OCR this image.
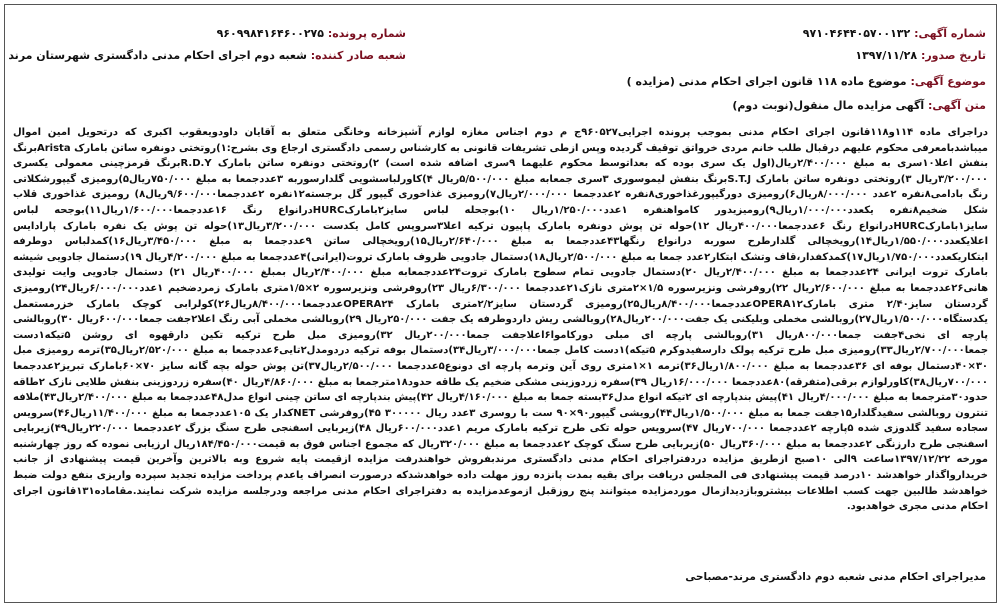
شماره آگهی: ۹۷۱۰۴۶۴۴۰۵۷۰۰۱۳۲
شماره پرونده: ۹۶۰۹۹۸۴۱۶۴۶۰۰۲۷۵
تاریخ صدور: ۱۳۹۷/۱۱/۲۸
شعبه صادر کننده: شعبه دوم اجرای احکام مدنی دادگستری شهرستان مرند
موضوع آگهی: موضوع ماده ۱۱۸ قانون اجرای احکام مدنی (مزایده )
متن آگهی: آگهی مزایده مال منقول(نوبت دوم)
دراجرای ماده ۱۱۴و۱۱۸قانون اجرای احکام مدنی بموجب پرونده اجرایی۹۶۰۵۲۷ج م دوم اجناس مغازه لوازم آشپزخانه وخانگی متعلق به آقایان داودویعقوب اکبری که درتحویل امین اموال میباشدبامعرفی محکوم علیهم درقبال طلب خانم مردی خرواتق توقیف گردیده وپس ازطی تشریفات قانونی به کارشناس رسمی دادگستری ارجاع وی بشرح:۱)روتختی دونفره ساتن بامارک Aristaبرنگ بنفش اعلا۱۰سری به مبلغ ۲/۴۰۰/۰۰۰ریال(اول یک سری بوده که بعداتوسط محکوم علیهما ۹سری اضافه شده است) ۲)روتختی دونفره ساتن بامارک R.D.Yبرنگ قرمزچینی معمولی یکسری ۳/۲۰۰/۰۰۰ریال ۳)روتختی دونفره ساتن بامارک S.T.Jبرنگ بنفش لیموسوری ۳سری جمعابه مبلغ ۵/۵۰۰/۰۰۰ریال ۴)کاورلباسشویی گلدارسوربه ۳عددجمعا به مبلغ ۷۵۰/۰۰۰ریال۵)رومیزی گیپورشکلاتی رنگ بادامی۸نفره ۲عدد ۸/۰۰۰/۰۰۰ریال۶)رومیزی دورگیپورغذاخوری۸نفره ۲عددجمعا ۲/۰۰۰/۰۰۰ریال۷)رومیزی غذاخوری گیپور گل برجسته۱۲نفره ۲عددجمعا۹/۶۰۰/۰۰۰ریال۸) رومیزی غذاخوری قلاب شکل ضخیم۸نفره یکعدد۱/۰۰۰/۰۰۰ریال۹)رومیزیدور کامواهنفره ۱عدد۱/۲۵۰/۰۰۰ریال ۱۰)بوجحله لباس سایز۲بامارکHURCدرانواع رنگ ۱۶عددجمعا۱/۶۰۰/۰۰۰ریال۱۱)بوجحه لباس سایز۱بامارکHURCدرانواع رنگ ۶عددجمعا۴۰۰/۰۰۰ریال ۱۲)حوله تن پوش دونفره بامارک پاپیون ترکیه اعلا۳سروپس کامل یکدست ۳/۲۰۰/۰۰۰ریال۱۳)حوله تن پوش یک نفره بامارک پارادایس اعلایکعدد۱/۵۵۰/۰۰۰ریال۱۴)رویخچالی گلدارطرح سوربه درانواع رنگها۴۳عددجمعا به مبلغ ۲/۶۴۰/۰۰۰ریال۱۵)رویخچالی ساتن ۹عددجمعا به مبلغ ۳/۴۵۰/۰۰۰ریال۱۶)کمدلباس دوطرفه ابتکاریکعدد۱/۷۵۰/۰۰۰ریال۱۷)کمدکفدار،قاف وتشک ابتکار۲عدد جمعا به مبلغ ۲/۵۰۰/۰۰۰ریال۱۸)دستمال جادویی ظروف بامارک تروت(ایرانی)۴عددجمعا به مبلغ ۴/۲۰۰/۰۰۰ریال ۱۹)دستمال جادویی شیشه بامارک تروت ایرانی ۲۴عددجمعا به مبلغ ۲/۴۰۰/۰۰۰ریال ۲۰)دستمال جادویی تمام سطوح بامارک تروت۲۴عددجمعابه مبلغ ۲/۴۰۰/۰۰۰ریال بمبلغ ۴۰۰/۰۰۰ریال ۲۱) دستمال جادویی وایت تولیدی هانی۲۶عددجمعا به مبلغ ۲/۶۰۰/۰۰۰ریال ۲۲)روفرشی ونزیرسوره ۱/۵×۲متری نازک۲۱عددجمعا ۶/۳۰۰/۰۰۰ریال ۲۳)روفرشی ونزیرسوره ۲×۱/۵متری بامارک زمردضخیم ۱عدد۶/۰۰۰/۰۰۰ریال۲۴)رومیزی گردستان سایز۲/۴۰ متری بامارکOPERA۱۲عددجمعا۸/۴۰۰/۰۰۰ریال۲۵)رومیزی گردستان سایز۲/۲متری بامارک OPERA۲۴عددجمعا۸/۴۰۰/۰۰۰ریال۲۶)کولرابی کوچک بامارک خزرمستعمل یکدستگاه۱/۵۰۰/۰۰۰ریال۲۷)روبالشی مخملی وبلیکنی یک جفت۲۰۰/۰۰۰ریال۲۸)روبالشی ریش داردوطرفه یک جفت ۲۵۰/۰۰۰ریال ۲۹)روبالشی مخملی آبی رنگ اعلا۲جفت جمعا۶۰۰/۰۰۰ریال ۳۰)روبالشی پارچه ای نخی۴جفت جمعا۸۰۰/۰۰۰ریال ۳۱)روبالشی پارچه ای مبلی دورکاموا۶اعلاجفت جمعا۲۰۰/۰۰۰ریال ۳۲)رومیزی مبل طرح ترکیه تکین دارقهوه ای روشن ۵تیکه۱دست جمعا۲/۷۰۰/۰۰۰ریال۳۳)رومیزی مبل طرح ترکیه پولک دارسفیدوکرم ۵تیکه)۱دست کامل جمعا۳/۰۰۰/۰۰۰ریال۳۴)دستمال بوفه ترکیه دردومدل۲تایی۶عددجمعا به مبلغ ۲/۵۲۰/۰۰۰ریال۳۵)ترمه رومیزی مبل ۳۰×۴۰دستمال بوفه ای ۳۶عددجمعا به مبلغ ۱/۸۰۰/۰۰۰ریال۳۶)ترمه ۱×۱متری روی آین وترمه پارچه ای دونوع۵عددجمعا ۲/۵۰۰/۰۰۰ریال۳۷)تن پوش حوله بچه گانه سایز ۷۰×۶۰بامارک تبریز۲عددجمعا ۷۰۰/۰۰۰ریال۳۸)کاورلوازم برقی(متفرقه)۸۰عددجمعا ۱۶/۰۰۰/۰۰۰ریال ۳۹)سفره زردوزینی مشکی ضخیم یک طاقه حدود۱۸مترجمعا به مبلغ ۴/۸۶۰/۰۰۰ریال ۴۰)سفره زردوزینی بنفش طلایی نازک ۲طاقه حدود۳۰مترجمعا به مبلغ ۴/۰۰۰/۰۰۰ریال ۴۱)پیش بندپارچه ای ۲تیکه انواع مدل۳۶بسته جمعا به مبلغ ۴/۱۶۰/۰۰۰ریال ۴۲)پیش بندپارچه ای ساتن چینی انواع مدل۴۸عددجمعا به مبلغ ۲/۴۰۰/۰۰۰ریال۴۳)ملافه تنترون روبالشی سفیدگلدار۱۵جفت جمعا به مبلغ ۱/۵۰۰/۰۰۰ریال۴۴)رویشی گیپور۹۰×۹۰ ست با روسری ۳عدد ریال ۳۰۰۰۰۰ ۴۵)روفرشی NETکدار یک ۱۰۵عددجمعا به مبلغ ۱۱/۴۰۰/۰۰۰ریال۴۶)سرویس سجاده سفید گلدوزی شده ۵پارچه ۲عددجمعا ۷۰۰/۰۰۰ریال ۴۷)سرویس حوله تکی طرح ترکیه بامارک مریم ۱عدد۶۰۰/۰۰۰ریال ۴۸)زیربایی اسفنجی طرح سنگ بزرگ ۲عددجمعا ۲۲۰/۰۰۰ریال۴۹)زیربایی اسفنجی طرح دارزنگی ۲عددجمعا به مبلغ ۳۶۰/۰۰۰ریال ۵۰)زیربایی طرح سنگ کوچک ۲عددجمعا به مبلغ ۳۲۰/۰۰۰ریال که مجموع اجناس فوق به قیمت۱۸۴/۴۵۰/۰۰۰ریال ارزیابی نموده که روز چهارشنبه مورخه ۱۳۹۷/۱۲/۲۲ساعت ۹الی ۱۰صبح ازطریق مزایده دردفتراجرای احکام مدنی دادگستری مرندبفروش خواهندرفت مزایده ازقیمت پایه شروع وبه بالاترین وآخرین قیمت پیشنهادی از جانب خریدارواگذار خواهدشد ۱۰درصد قیمت پیشنهادی فی المجلس دریافت برای بقیه بمدت پانزده روز مهلت داده خواهدشدکه درصورت انصراف یاعدم پرداخت مزایده تجدید سپرده واریزی بنفع دولت ضبط خواهدشد طالبین جهت کسب اطلاعات بیشتروبازدیدازمال موردمزایده میتوانند پنج روزقبل ازموعدمزایده به دفتراجرای احکام مدنی مراجعه ودرجلسه مزایده شرکت نمایند.مقاماده۱۳۱قانون اجرای احکام مدنی مجری خواهدبود.
مدیراجرای احکام مدنی شعبه دوم دادگستری مرند-مصباحی
